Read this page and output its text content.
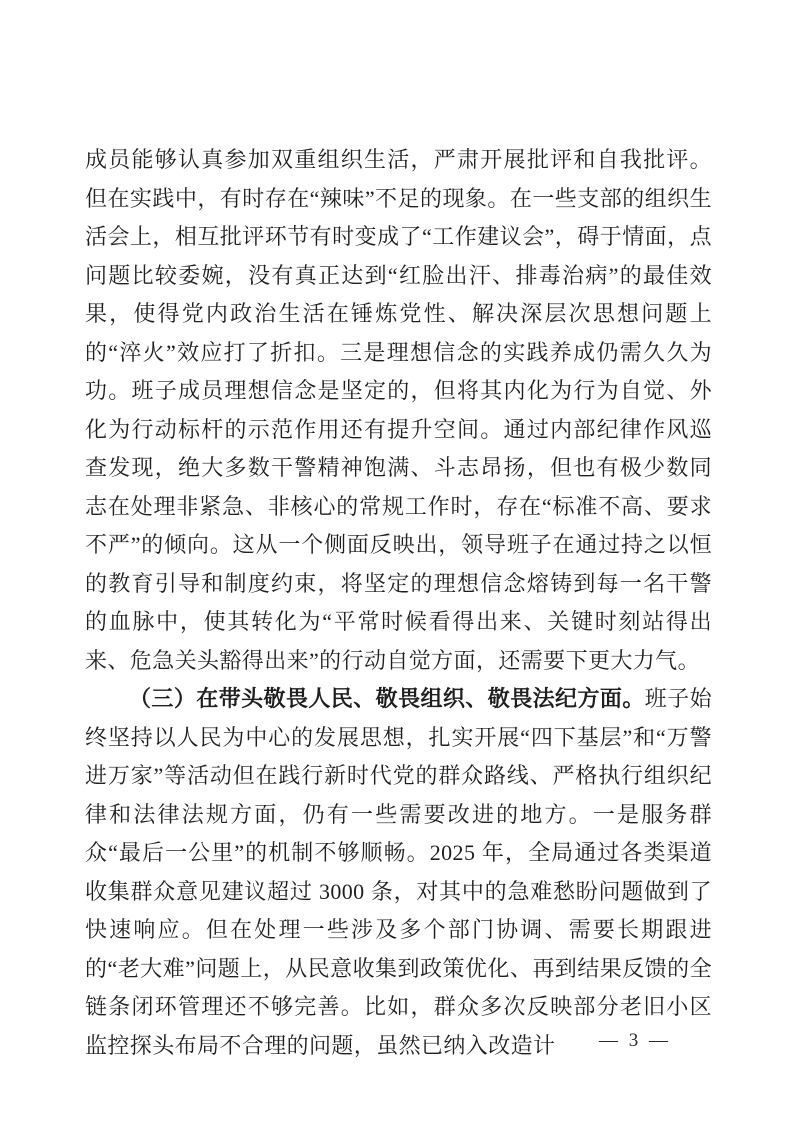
成员能够认真参加双重组织生活，严肃开展批评和自我批评。但在实践中，有时存在“辣味”不足的现象。在一些支部的组织生活会上，相互批评环节有时变成了“工作建议会”，碍于情面，点问题比较委婉，没有真正达到“红脸出汗、排毒治病”的最佳效果，使得党内政治生活在锤炼党性、解决深层次思想问题上的“淬火”效应打了折扣。三是理想信念的实践养成仍需久久为功。班子成员理想信念是坚定的，但将其内化为行为自觉、外化为行动标杆的示范作用还有提升空间。通过内部纪律作风巡查发现，绝大多数干警精神饱满、斗志昂扬，但也有极少数同志在处理非紧急、非核心的常规工作时，存在“标准不高、要求不严”的倾向。这从一个侧面反映出，领导班子在通过持之以恒的教育引导和制度约束，将坚定的理想信念熔铸到每一名干警的血脉中，使其转化为“平常时候看得出来、关键时刻站得出来、危急关头豁得出来”的行动自觉方面，还需要下更大力气。

（三）在带头敬畏人民、敬畏组织、敬畏法纪方面。班子始终坚持以人民为中心的发展思想，扎实开展“四下基层”和“万警进万家”等活动但在践行新时代党的群众路线、严格执行组织纪律和法律法规方面，仍有一些需要改进的地方。一是服务群众“最后一公里”的机制不够顺畅。2025 年，全局通过各类渠道收集群众意见建议超过 3000 条，对其中的急难愁盼问题做到了快速响应。但在处理一些涉及多个部门协调、需要长期跟进的“老大难”问题上，从民意收集到政策优化、再到结果反馈的全链条闭环管理还不够完善。比如，群众多次反映部分老旧小区监控探头布局不合理的问题，虽然已纳入改造计	— 3 —
